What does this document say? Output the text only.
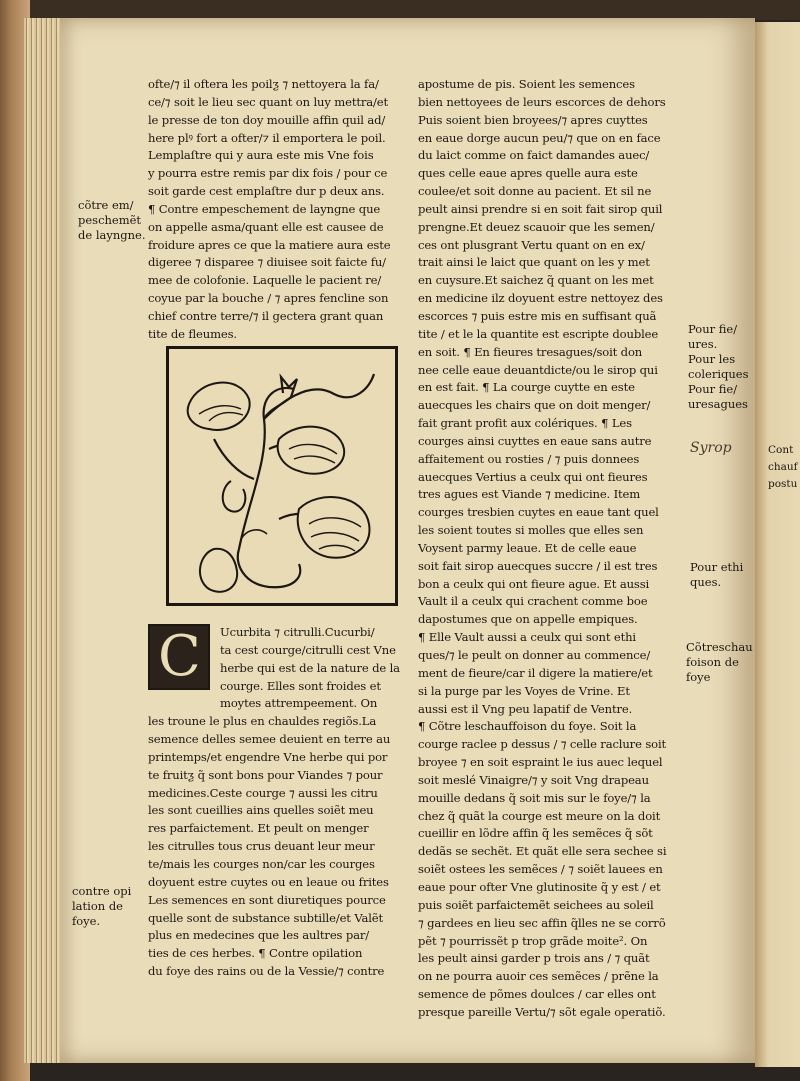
ofte/⁊ il oftera les poilƺ ⁊ nettoyera la fa/
ce/⁊ soit le lieu sec quant on luy mettra/et
le presse de ton doy mouille affin quil ad/
here plꝰ fort a ofter/⁊ il emportera le poil.
Lemplaſtre qui y aura este mis Vne fois
y pourra estre remis par dix fois / pour ce
soit garde cest emplaſtre dur p deux ans.
¶ Contre empeschement de layngne que
on appelle asma/quant elle est causee de
froidure apres ce que la matiere aura este
digeree ⁊ disparee ⁊ diuisee soit faicte fu/
mee de colofonie. Laquelle le pacient re/
coyue par la bouche / ⁊ apres fencline son
chief contre terre/⁊ il gectera grant quan
tite de fleumes.
C	Ucurbita ⁊ citrulli.Cucurbi/
ta cest courge/citrulli cest Vne
herbe qui est de la nature de la
courge. Elles sont froides et
moytes attrempeement. On
les troune le plus en chauldes regiõs.La
semence delles semee deuient en terre au
printemps/et engendre Vne herbe qui por
te fruitƺ q̃ sont bons pour Viandes ⁊ pour
medicines.Ceste courge ⁊ aussi les citru
les sont cueillies ains quelles soiẽt meu
res parfaictement. Et peult on menger
les citrulles tous crus deuant leur meur
te/mais les courges non/car les courges
doyuent estre cuytes ou en leaue ou frites
Les semences en sont diuretiques pource
quelle sont de substance subtille/et Valẽt
plus en medecines que les aultres par/
ties de ces herbes. ¶ Contre opilation
du foye des rains ou de la Vessie/⁊ contre
apostume de pis. Soient les semences
bien nettoyees de leurs escorces de dehors
Puis soient bien broyees/⁊ apres cuyttes
en eaue dorge aucun peu/⁊ que on en face
du laict comme on faict damandes auec/
ques celle eaue apres quelle aura este
coulee/et soit donne au pacient. Et sil ne
peult ainsi prendre si en soit fait sirop quil
prengne.Et deuez scauoir que les semen/
ces ont plusgrant Vertu quant on en ex/
trait ainsi le laict que quant on les y met
en cuysure.Et saichez q̃ quant on les met
en medicine ilz doyuent estre nettoyez des
escorces ⁊ puis estre mis en suffisant quã
tite / et le la quantite est escripte doublee
en soit. ¶ En fieures tresagues/soit don
nee celle eaue deuantdicte/ou le sirop qui
en est fait. ¶ La courge cuytte en este
auecques les chairs que on doit menger/
fait grant profit aux colériques. ¶ Les
courges ainsi cuyttes en eaue sans autre
affaitement ou rosties / ⁊ puis donnees
auecques Vertius a ceulx qui ont fieures
tres agues est Viande ⁊ medicine. Item
courges tresbien cuytes en eaue tant quel
les soient toutes si molles que elles sen
Voysent parmy leaue. Et de celle eaue
soit fait sirop auecques succre / il est tres
bon a ceulx qui ont fieure ague. Et aussi
Vault il a ceulx qui crachent comme boe
dapostumes que on appelle empiques.
¶ Elle Vault aussi a ceulx qui sont ethi
ques/⁊ le peult on donner au commence/
ment de fieure/car il digere la matiere/et
si la purge par les Voyes de Vrine. Et
aussi est il Vng peu lapatif de Ventre.
¶ Cõtre leschauffoison du foye. Soit la
courge raclee p dessus / ⁊ celle raclure soit
broyee ⁊ en soit espraint le ius auec lequel
soit meslé Vinaigre/⁊ y soit Vng drapeau
mouille dedans q̃ soit mis sur le foye/⁊ la
chez q̃ quãt la courge est meure on la doit
cueillir en lõdre affin q̃ les semẽces q̃ sõt
dedãs se sechẽt. Et quãt elle sera sechee si
soiẽt ostees les semẽces / ⁊ soiẽt lauees en
eaue pour ofter Vne glutinosite q̃ y est / et
puis soiẽt parfaictemẽt seichees au soleil
⁊ gardees en lieu sec affin q̃lles ne se corrõ
pẽt ⁊ pourrissẽt p trop grãde moite². On
les peult ainsi garder p trois ans / ⁊ quãt
on ne pourra auoir ces semẽces / prẽne la
semence de põmes doulces / car elles ont
presque pareille Vertu/⁊ sõt egale operatiõ.
cõtre em/
peschemẽt
de layngne.
contre opi
lation de
foye.
Pour fie/
ures.
Pour les
coleriques
Pour fie/
uresagues
Syrop
Pour ethi
ques.
Cõtreschau
foison de
foye
Cont
chauf
postu
